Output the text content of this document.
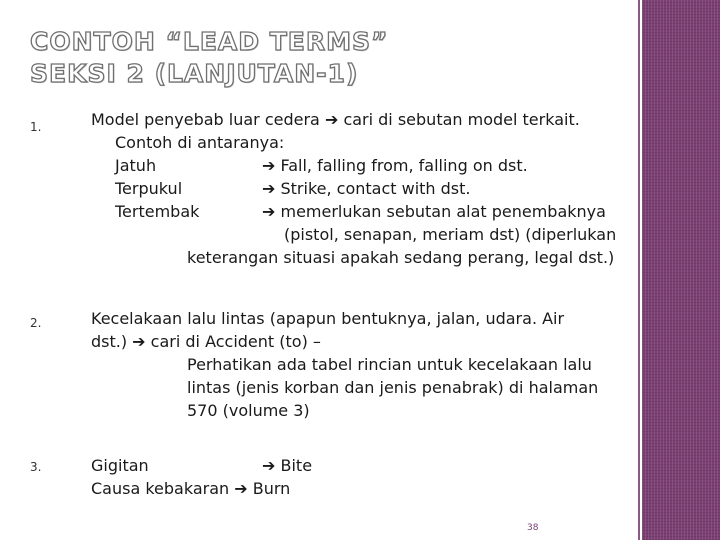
CONTOH “LEAD TERMS”
SEKSI 2 (LANJUTAN-1)
1.	Model penyebab luar cedera ➔ cari di sebutan model terkait.
Contoh di antaranya:
Jatuh	➔ Fall, falling from, falling on dst.
Terpukul	➔ Strike, contact with dst.
Tertembak	➔ memerlukan sebutan alat penembaknya
(pistol, senapan, meriam dst) (diperlukan
keterangan situasi apakah sedang perang, legal dst.)
2.	Kecelakaan lalu lintas (apapun bentuknya, jalan, udara. Air
dst.) ➔ cari di Accident (to) –
Perhatikan ada tabel rincian untuk kecelakaan lalu
lintas (jenis korban dan jenis penabrak) di halaman
570 (volume 3)
3.	Gigitan	➔ Bite
Causa kebakaran ➔ Burn
38
